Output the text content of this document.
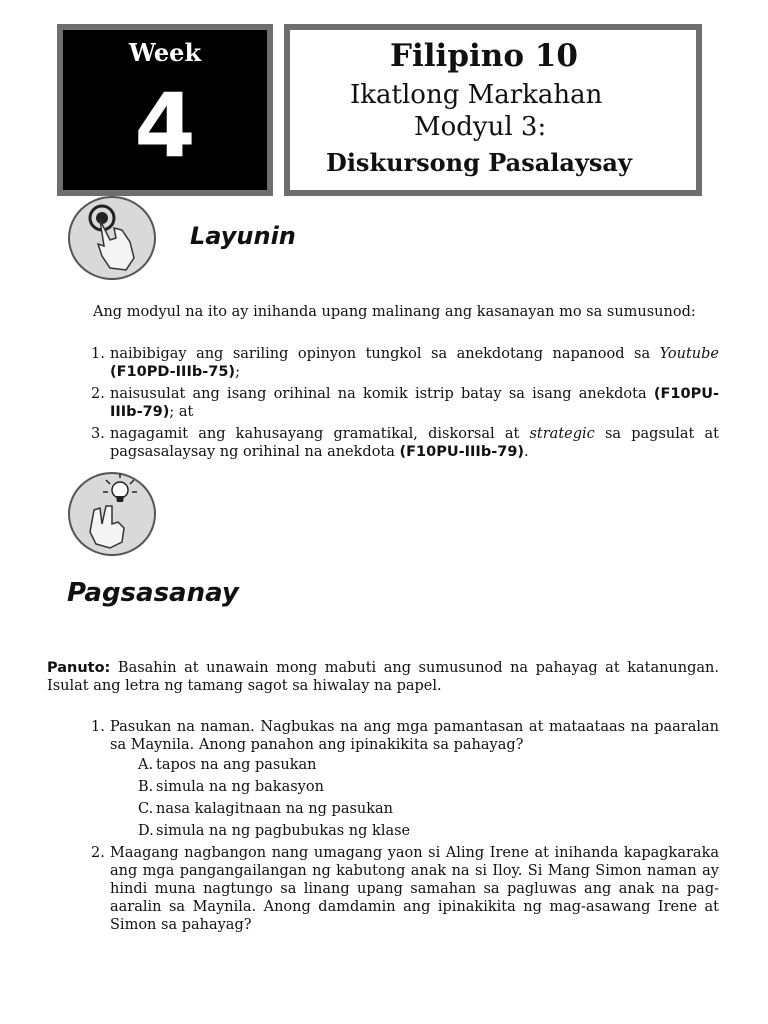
Week
4
Filipino 10
Ikatlong Markahan
Modyul 3:
Diskursong Pasalaysay
Layunin
Ang modyul na ito ay inihanda upang malinang ang kasanayan mo sa sumusunod:
1. naibibigay ang sariling opinyon tungkol sa anekdotang napanood sa Youtube (F10PD-IIIb-75);
2. naisusulat ang isang orihinal na komik istrip batay sa isang anekdota (F10PU-IIIb-79); at
3. nagagamit ang kahusayang gramatikal, diskorsal at strategic sa pagsulat at pagsasalaysay ng orihinal na anekdota (F10PU-IIIb-79).
Pagsasanay
Panuto: Basahin at unawain mong mabuti ang sumusunod na pahayag at katanungan. Isulat ang letra ng tamang sagot sa hiwalay na papel.
1. Pasukan na naman. Nagbukas na ang mga pamantasan at mataataas na paaralan sa Maynila. Anong panahon ang ipinakikita sa pahayag?
A. tapos na ang pasukan
B. simula na ng bakasyon
C. nasa kalagitnaan na ng pasukan
D. simula na ng pagbubukas ng klase
2. Maagang nagbangon nang umagang yaon si Aling Irene at inihanda kapagkaraka ang mga pangangailangan ng kabutong anak na si Iloy. Si Mang Simon naman ay hindi muna nagtungo sa linang upang samahan sa pagluwas ang anak na pag-aaralin sa Maynila. Anong damdamin ang ipinakikita ng mag-asawang Irene at Simon sa pahayag?
